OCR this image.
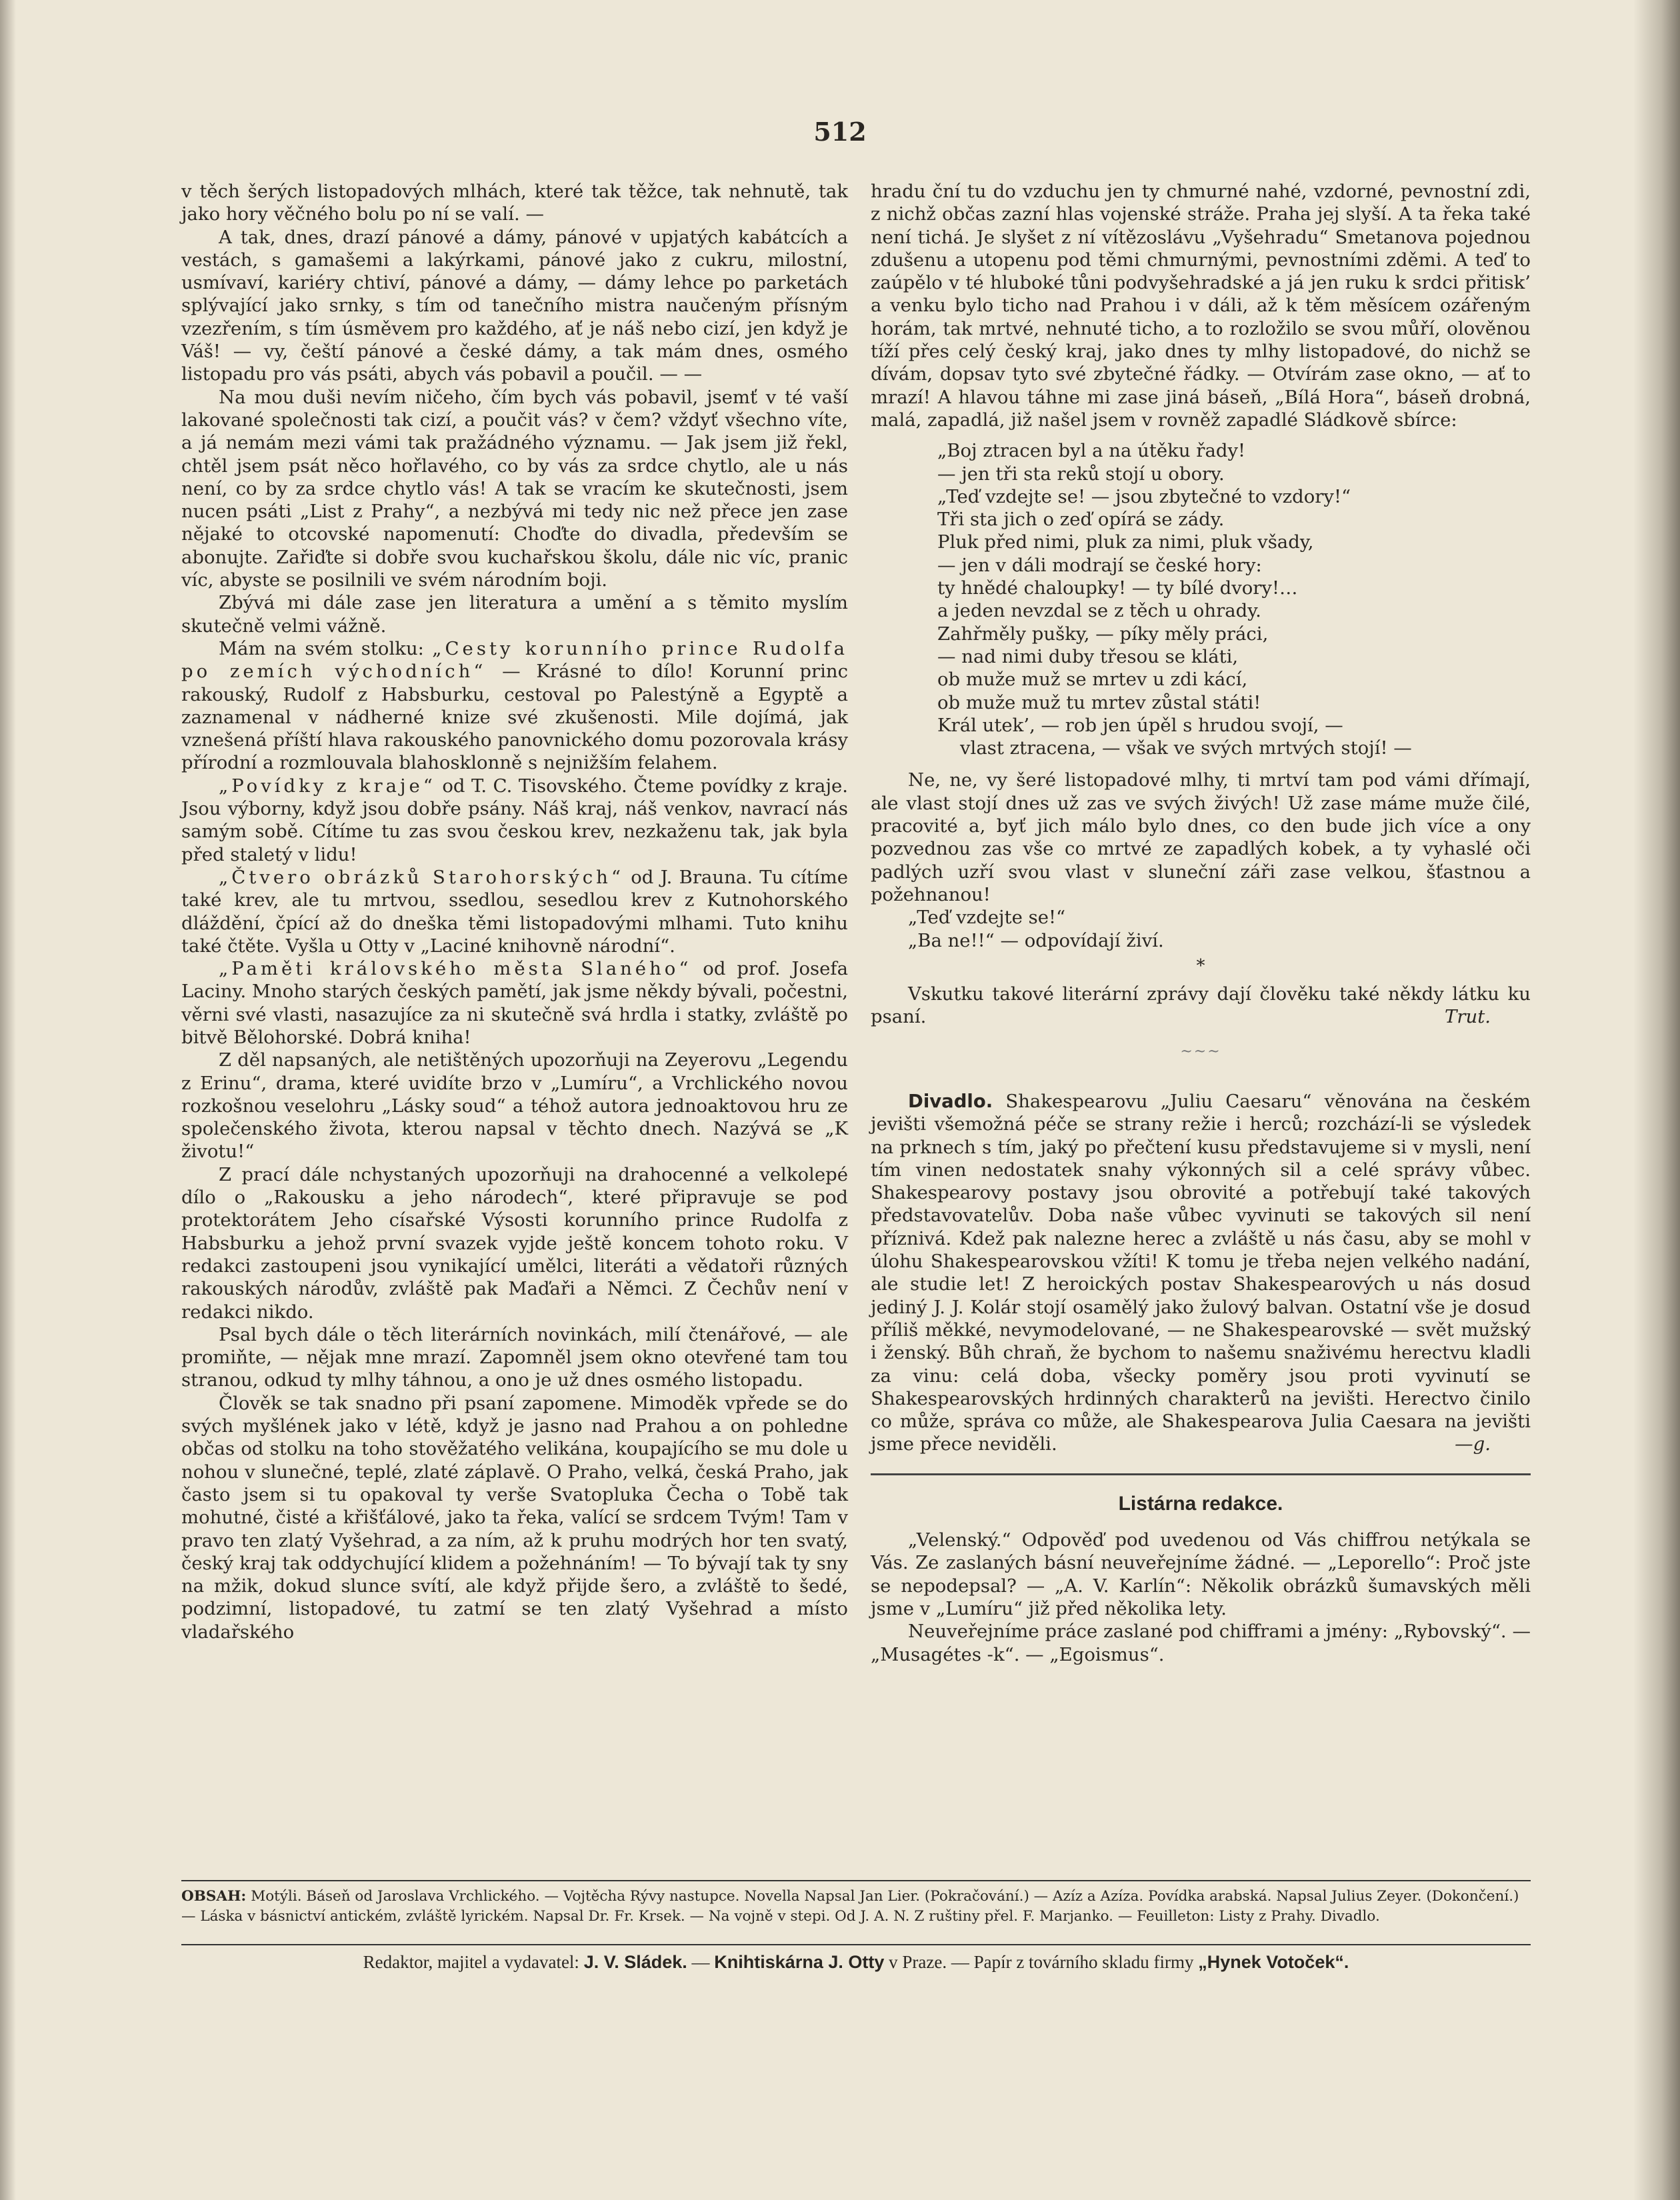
512

v těch šerých listopadových mlhách, které tak těžce, tak nehnutě, tak jako hory věčného bolu po ní se valí. —

A tak, dnes, drazí pánové a dámy, pánové v upjatých kabátcích a vestách, s gamašemi a lakýrkami, pánové jako z cukru, milostní, usmívaví, kariéry chtiví, pánové a dámy, — dámy lehce po parketách splývající jako srnky, s tím od tanečního mistra naučeným přísným vzezřením, s tím úsměvem pro každého, ať je náš nebo cizí, jen když je Váš! — vy, čeští pánové a české dámy, a tak mám dnes, osmého listopadu pro vás psáti, abych vás pobavil a poučil. — —

Na mou duši nevím ničeho, čím bych vás pobavil, jsemť v té vaší lakované společnosti tak cizí, a poučit vás? v čem? vždyť všechno víte, a já nemám mezi vámi tak pražádného významu. — Jak jsem již řekl, chtěl jsem psát něco hořlavého, co by vás za srdce chytlo, ale u nás není, co by za srdce chytlo vás! A tak se vracím ke skutečnosti, jsem nucen psáti „List z Prahy“, a nezbývá mi tedy nic než přece jen zase nějaké to otcovské napomenutí: Choďte do divadla, především se abonujte. Zařiďte si dobře svou kuchařskou školu, dále nic víc, pranic víc, abyste se posilnili ve svém národním boji.

Zbývá mi dále zase jen literatura a umění a s těmito myslím skutečně velmi vážně.

Mám na svém stolku: „Cesty korunního prince Rudolfa po zemích východních“ — Krásné to dílo! Korunní princ rakouský, Rudolf z Habsburku, cestoval po Palestýně a Egyptě a zaznamenal v nádherné knize své zkušenosti. Mile dojímá, jak vznešená příští hlava rakouského panovnického domu pozorovala krásy přírodní a rozmlouvala blahosklonně s nejnižším felahem.

„Povídky z kraje“ od T. C. Tisovského. Čteme povídky z kraje. Jsou výborny, když jsou dobře psány. Náš kraj, náš venkov, navrací nás samým sobě. Cítíme tu zas svou českou krev, nezkaženu tak, jak byla před staletý v lidu!

„Čtvero obrázků Starohorských“ od J. Brauna. Tu cítíme také krev, ale tu mrtvou, ssedlou, sesedlou krev z Kutnohorského dláždění, čpící až do dneška těmi listopadovými mlhami. Tuto knihu také čtěte. Vyšla u Otty v „Laciné knihovně národní“.

„Paměti královského města Slaného“ od prof. Josefa Laciny. Mnoho starých českých pamětí, jak jsme někdy bývali, počestni, věrni své vlasti, nasazujíce za ni skutečně svá hrdla i statky, zvláště po bitvě Bělohorské. Dobrá kniha!

Z děl napsaných, ale netištěných upozorňuji na Zeyerovu „Legendu z Erinu“, drama, které uvidíte brzo v „Lumíru“, a Vrchlického novou rozkošnou veselohru „Lásky soud“ a téhož autora jednoaktovou hru ze společenského života, kterou napsal v těchto dnech. Nazývá se „K životu!“

Z prací dále nchystaných upozorňuji na drahocenné a velkolepé dílo o „Rakousku a jeho národech“, které připravuje se pod protektorátem Jeho císařské Výsosti korunního prince Rudolfa z Habsburku a jehož první svazek vyjde ještě koncem tohoto roku. V redakci zastoupeni jsou vynikající umělci, literáti a vědatoři různých rakouských národův, zvláště pak Maďaři a Němci. Z Čechův není v redakci nikdo.

Psal bych dále o těch literárních novinkách, milí čtenářové, — ale promiňte, — nějak mne mrazí. Zapomněl jsem okno otevřené tam tou stranou, odkud ty mlhy táhnou, a ono je už dnes osmého listopadu.

Člověk se tak snadno při psaní zapomene. Mimoděk vpřede se do svých myšlének jako v létě, když je jasno nad Prahou a on pohledne občas od stolku na toho stověžatého velikána, koupajícího se mu dole u nohou v slunečné, teplé, zlaté záplavě. O Praho, velká, česká Praho, jak často jsem si tu opakoval ty verše Svatopluka Čecha o Tobě tak mohutné, čisté a křišťálové, jako ta řeka, valící se srdcem Tvým! Tam v pravo ten zlatý Vyšehrad, a za ním, až k pruhu modrých hor ten svatý, český kraj tak oddychující klidem a požehnáním! — To bývají tak ty sny na mžik, dokud slunce svítí, ale když přijde šero, a zvláště to šedé, podzimní, listopadové, tu zatmí se ten zlatý Vyšehrad a místo vladařského

hradu ční tu do vzduchu jen ty chmurné nahé, vzdorné, pevnostní zdi, z nichž občas zazní hlas vojenské stráže. Praha jej slyší. A ta řeka také není tichá. Je slyšet z ní vítězoslávu „Vyšehradu“ Smetanova pojednou zdušenu a utopenu pod těmi chmurnými, pevnostními zděmi. A teď to zaúpělo v té hluboké tůni podvyšehradské a já jen ruku k srdci přitisk’ a venku bylo ticho nad Prahou i v dáli, až k těm měsícem ozářeným horám, tak mrtvé, nehnuté ticho, a to rozložilo se svou můří, olověnou tíží přes celý český kraj, jako dnes ty mlhy listopadové, do nichž se dívám, dopsav tyto své zbytečné řádky. — Otvírám zase okno, — ať to mrazí! A hlavou táhne mi zase jiná báseň, „Bílá Hora“, báseň drobná, malá, zapadlá, již našel jsem v rovněž zapadlé Sládkově sbírce:

„Boj ztracen byl a na útěku řady!
— jen tři sta reků stojí u obory.
„Teď vzdejte se! — jsou zbytečné to vzdory!“
Tři sta jich o zeď opírá se zády.
Pluk před nimi, pluk za nimi, pluk všady,
— jen v dáli modrají se české hory:
ty hnědé chaloupky! — ty bílé dvory!…
a jeden nevzdal se z těch u ohrady.
Zahřměly pušky, — píky měly práci,
— nad nimi duby třesou se kláti,
ob muže muž se mrtev u zdi kácí,
ob muže muž tu mrtev zůstal státi!
Král utek’, — rob jen úpěl s hrudou svojí, —
vlast ztracena, — však ve svých mrtvých stojí! —

Ne, ne, vy šeré listopadové mlhy, ti mrtví tam pod vámi dřímají, ale vlast stojí dnes už zas ve svých živých! Už zase máme muže čilé, pracovité a, byť jich málo bylo dnes, co den bude jich více a ony pozvednou zas vše co mrtvé ze zapadlých kobek, a ty vyhaslé oči padlých uzří svou vlast v sluneční záři zase velkou, šťastnou a požehnanou!

„Teď vzdejte se!“

„Ba ne!!“ — odpovídají živí.

*

Vskutku takové literární zprávy dají člověku také někdy látku ku psaní.	Trut.

~~~

Divadlo. Shakespearovu „Juliu Caesaru“ věnována na českém jevišti všemožná péče se strany režie i herců; rozchází-li se výsledek na prknech s tím, jaký po přečtení kusu představujeme si v mysli, není tím vinen nedostatek snahy výkonných sil a celé správy vůbec. Shakespearovy postavy jsou obrovité a potřebují také takových představovatelův. Doba naše vůbec vyvinuti se takových sil není příznivá. Kdež pak nalezne herec a zvláště u nás času, aby se mohl v úlohu Shakespearovskou vžíti! K tomu je třeba nejen velkého nadání, ale studie let! Z heroických postav Shakespearových u nás dosud jediný J. J. Kolár stojí osamělý jako žulový balvan. Ostatní vše je dosud příliš měkké, nevymodelované, — ne Shakespearovské — svět mužský i ženský. Bůh chraň, že bychom to našemu snaživému herectvu kladli za vinu: celá doba, všecky poměry jsou proti vyvinutí se Shakespearovských hrdinných charakterů na jevišti. Herectvo činilo co může, správa co může, ale Shakespearova Julia Caesara na jevišti jsme přece neviděli.	—g.

Listárna redakce.

„Velenský.“ Odpověď pod uvedenou od Vás chiffrou netýkala se Vás. Ze zaslaných básní neuveřejníme žádné. — „Leporello“: Proč jste se nepodepsal? — „A. V. Karlín“: Několik obrázků šumavských měli jsme v „Lumíru“ již před několika lety.

Neuveřejníme práce zaslané pod chifframi a jmény: „Rybovský“. — „Musagétes -k“. — „Egoismus“.

OBSAH: Motýli. Báseň od Jaroslava Vrchlického. — Vojtěcha Rývy nastupce. Novella Napsal Jan Lier. (Pokračování.) — Azíz a Azíza. Povídka arabská. Napsal Julius Zeyer. (Dokončení.) — Láska v básnictví antickém, zvláště lyrickém. Napsal Dr. Fr. Krsek. — Na vojně v stepi. Od J. A. N. Z ruštiny přel. F. Marjanko. — Feuilleton: Listy z Prahy. Divadlo.
Redaktor, majitel a vydavatel: J. V. Sládek. — Knihtiskárna J. Otty v Praze. — Papír z továrního skladu firmy „Hynek Votoček“.
